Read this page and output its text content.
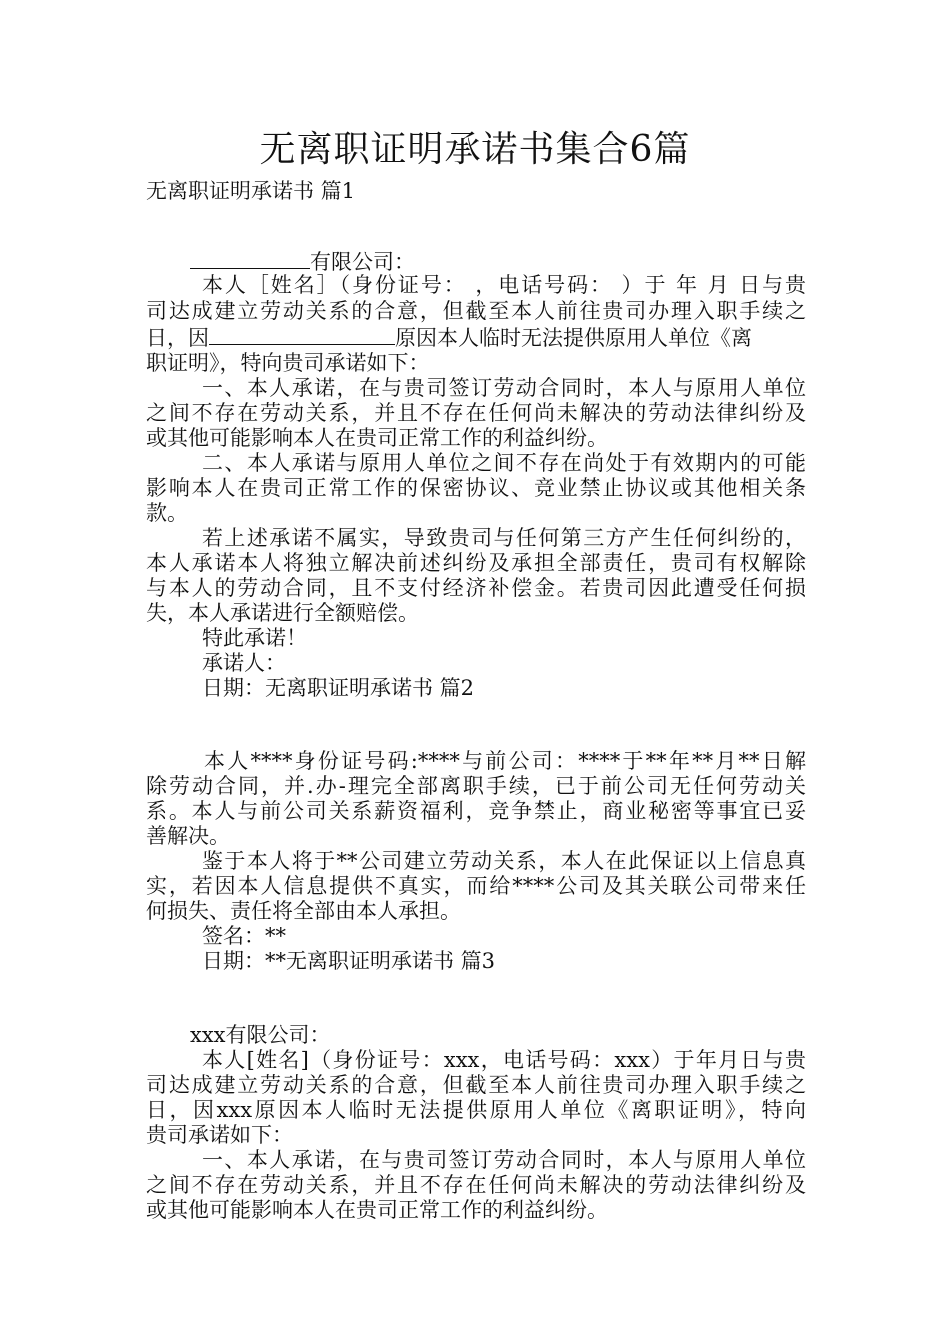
无离职证明承诺书集合6篇
无离职证明承诺书 篇1
有限公司：
本人［姓名］（身份证号： ，电话号码： ）于 年 月 日与贵
司达成建立劳动关系的合意，但截至本人前往贵司办理入职手续之
日，因	原因本人临时无法提供原用人单位《离
职证明》，特向贵司承诺如下：
一、本人承诺，在与贵司签订劳动合同时，本人与原用人单位
之间不存在劳动关系，并且不存在任何尚未解决的劳动法律纠纷及
或其他可能影响本人在贵司正常工作的利益纠纷。
二、本人承诺与原用人单位之间不存在尚处于有效期内的可能
影响本人在贵司正常工作的保密协议、竞业禁止协议或其他相关条
款。
若上述承诺不属实，导致贵司与任何第三方产生任何纠纷的，
本人承诺本人将独立解决前述纠纷及承担全部责任，贵司有权解除
与本人的劳动合同，且不支付经济补偿金。若贵司因此遭受任何损
失，本人承诺进行全额赔偿。
特此承诺！
承诺人：
日期：无离职证明承诺书 篇2
本人****身份证号码:****与前公司：****于**年**月**日解
除劳动合同，并.办-理完全部离职手续，已于前公司无任何劳动关
系。本人与前公司关系薪资福利，竞争禁止，商业秘密等事宜已妥
善解决。
鉴于本人将于**公司建立劳动关系，本人在此保证以上信息真
实，若因本人信息提供不真实，而给****公司及其关联公司带来任
何损失、责任将全部由本人承担。
签名：**
日期：**无离职证明承诺书 篇3
xxx有限公司：
本人[姓名]（身份证号：xxx，电话号码：xxx）于年月日与贵
司达成建立劳动关系的合意，但截至本人前往贵司办理入职手续之
日，因xxx原因本人临时无法提供原用人单位《离职证明》，特向
贵司承诺如下：
一、本人承诺，在与贵司签订劳动合同时，本人与原用人单位
之间不存在劳动关系，并且不存在任何尚未解决的劳动法律纠纷及
或其他可能影响本人在贵司正常工作的利益纠纷。
